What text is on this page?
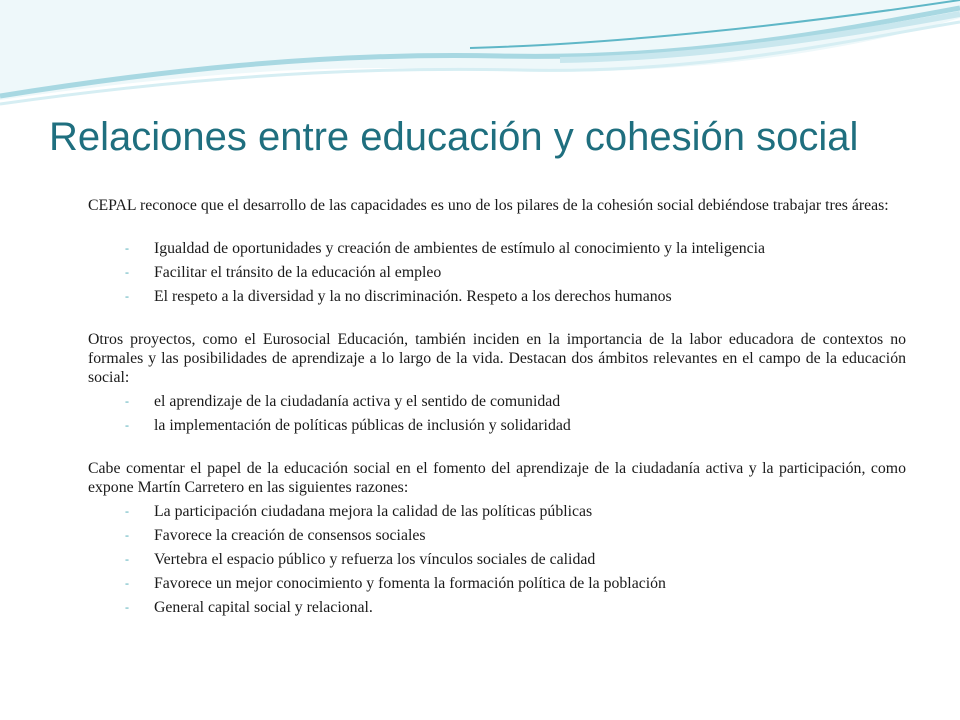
Relaciones entre educación y cohesión social

CEPAL reconoce que el desarrollo de las capacidades es uno de los pilares de la cohesión social debiéndose trabajar tres áreas:

- Igualdad de oportunidades y creación de ambientes de estímulo al conocimiento y la inteligencia
- Facilitar el tránsito de la educación al empleo
- El respeto a la diversidad y la no discriminación. Respeto a los derechos humanos

Otros proyectos, como el Eurosocial Educación, también inciden en la importancia de la labor educadora de contextos no formales y las posibilidades de aprendizaje a lo largo de la vida. Destacan dos ámbitos relevantes en el campo de la educación social:

- el aprendizaje de la ciudadanía activa y el sentido de comunidad
- la implementación de políticas públicas de inclusión y solidaridad

Cabe comentar el papel de la educación social en el fomento del aprendizaje de la ciudadanía activa y la participación, como expone Martín Carretero en las siguientes razones:

- La participación ciudadana mejora la calidad de las políticas públicas
- Favorece la creación de consensos sociales
- Vertebra el espacio público y refuerza los vínculos sociales de calidad
- Favorece un mejor conocimiento y fomenta la formación política de la población
- General capital social y relacional.
